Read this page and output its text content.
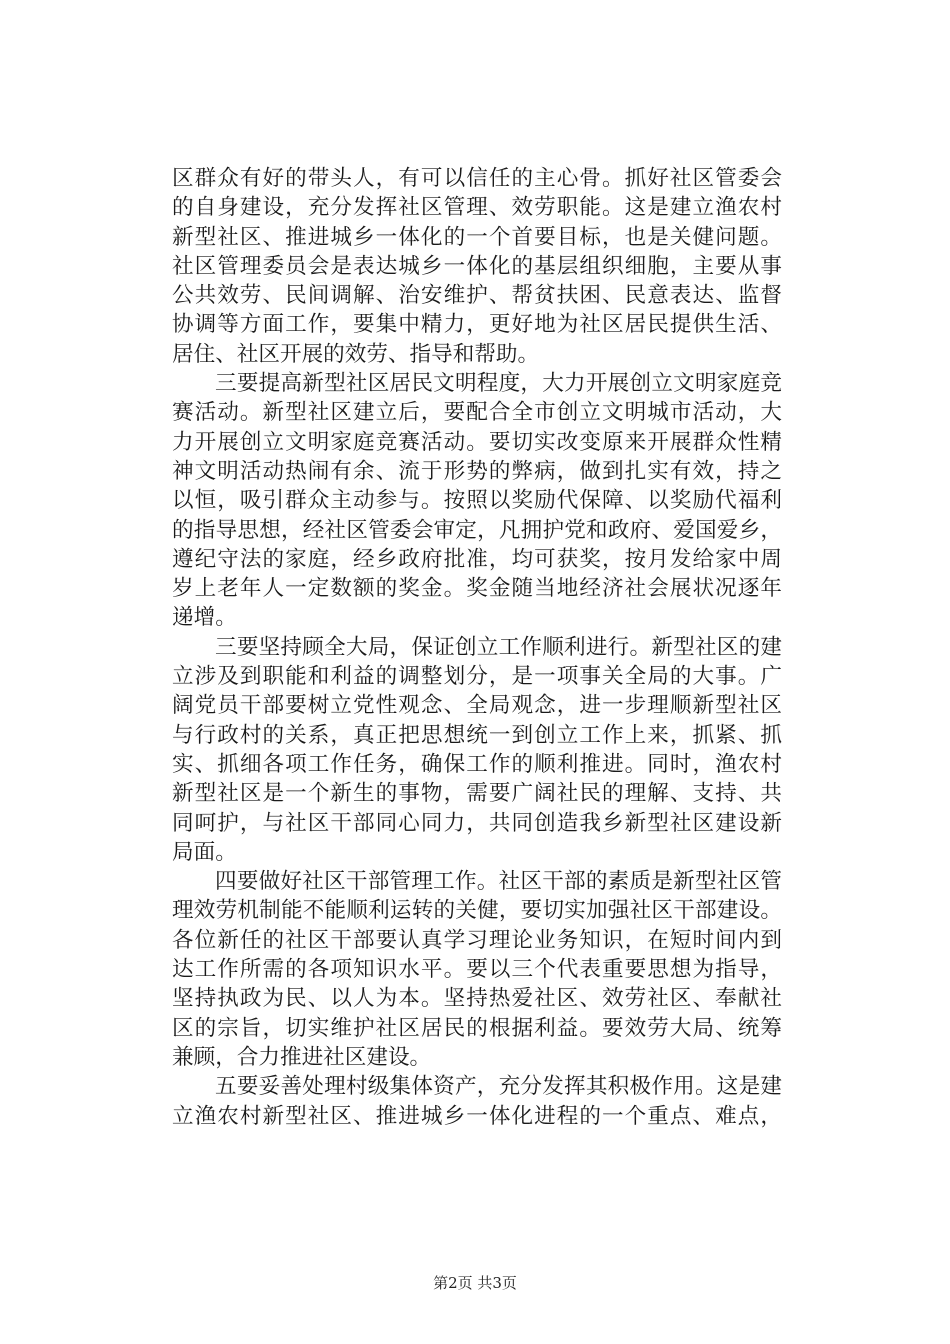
区群众有好的带头人，有可以信任的主心骨。抓好社区管委会
的自身建设，充分发挥社区管理、效劳职能。这是建立渔农村
新型社区、推进城乡一体化的一个首要目标，也是关健问题。
社区管理委员会是表达城乡一体化的基层组织细胞，主要从事
公共效劳、民间调解、治安维护、帮贫扶困、民意表达、监督
协调等方面工作，要集中精力，更好地为社区居民提供生活、
居住、社区开展的效劳、指导和帮助。
三要提高新型社区居民文明程度，大力开展创立文明家庭竞
赛活动。新型社区建立后，要配合全市创立文明城市活动，大
力开展创立文明家庭竞赛活动。要切实改变原来开展群众性精
神文明活动热闹有余、流于形势的弊病，做到扎实有效，持之
以恒，吸引群众主动参与。按照以奖励代保障、以奖励代福利
的指导思想，经社区管委会审定，凡拥护党和政府、爱国爱乡，
遵纪守法的家庭，经乡政府批准，均可获奖，按月发给家中周
岁上老年人一定数额的奖金。奖金随当地经济社会展状况逐年
递增。
三要坚持顾全大局，保证创立工作顺利进行。新型社区的建
立涉及到职能和利益的调整划分，是一项事关全局的大事。广
阔党员干部要树立党性观念、全局观念，进一步理顺新型社区
与行政村的关系，真正把思想统一到创立工作上来，抓紧、抓
实、抓细各项工作任务，确保工作的顺利推进。同时，渔农村
新型社区是一个新生的事物，需要广阔社民的理解、支持、共
同呵护，与社区干部同心同力，共同创造我乡新型社区建设新
局面。
四要做好社区干部管理工作。社区干部的素质是新型社区管
理效劳机制能不能顺利运转的关健，要切实加强社区干部建设。
各位新任的社区干部要认真学习理论业务知识，在短时间内到
达工作所需的各项知识水平。要以三个代表重要思想为指导，
坚持执政为民、以人为本。坚持热爱社区、效劳社区、奉献社
区的宗旨，切实维护社区居民的根据利益。要效劳大局、统筹
兼顾，合力推进社区建设。
五要妥善处理村级集体资产，充分发挥其积极作用。这是建
立渔农村新型社区、推进城乡一体化进程的一个重点、难点，
第2页 共3页
